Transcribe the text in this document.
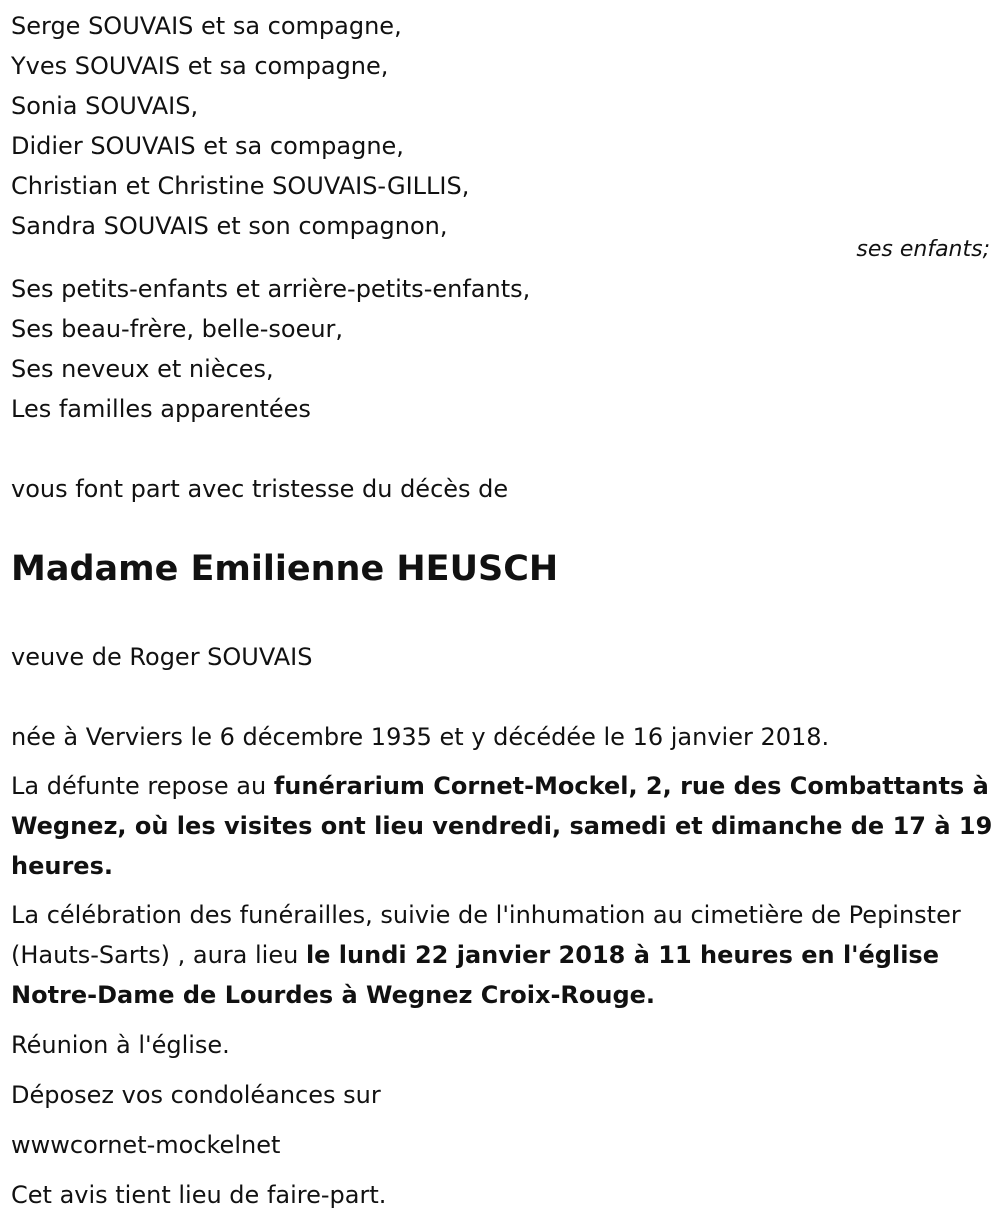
Serge SOUVAIS et sa compagne,

Yves SOUVAIS et sa compagne,

Sonia SOUVAIS,

Didier SOUVAIS et sa compagne,

Christian et Christine SOUVAIS-GILLIS,

Sandra SOUVAIS et son compagnon,

ses enfants;

Ses petits-enfants et arrière-petits-enfants,

Ses beau-frère, belle-soeur,

Ses neveux et nièces,

Les familles apparentées

vous font part avec tristesse du décès de

Madame Emilienne HEUSCH

veuve de Roger SOUVAIS

née à Verviers le 6 décembre 1935 et y décédée le 16 janvier 2018.

La défunte repose au funérarium Cornet-Mockel, 2, rue des Combattants à Wegnez, où les visites ont lieu vendredi, samedi et dimanche de 17 à 19 heures.

La célébration des funérailles, suivie de l'inhumation au cimetière de Pepinster (Hauts-Sarts) , aura lieu le lundi 22 janvier 2018 à 11 heures en l'église Notre-Dame de Lourdes à Wegnez Croix-Rouge.

Réunion à l'église.

Déposez vos condoléances sur

wwwcornet-mockelnet

Cet avis tient lieu de faire-part.
